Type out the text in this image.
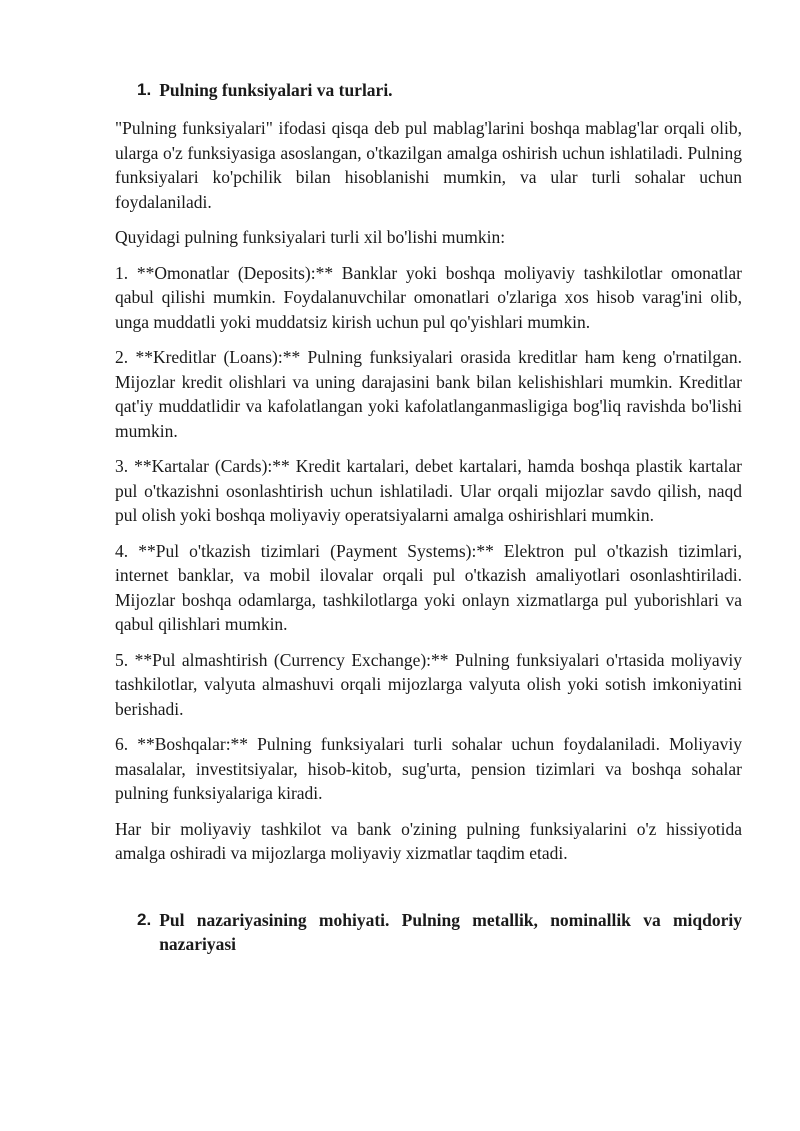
1. Pulning funksiyalari va turlari.

"Pulning funksiyalari" ifodasi qisqa deb pul mablag'larini boshqa mablag'lar orqali olib, ularga o'z funksiyasiga asoslangan, o'tkazilgan amalga oshirish uchun ishlatiladi. Pulning funksiyalari ko'pchilik bilan hisoblanishi mumkin, va ular turli sohalar uchun foydalaniladi.

Quyidagi pulning funksiyalari turli xil bo'lishi mumkin:

1. **Omonatlar (Deposits):** Banklar yoki boshqa moliyaviy tashkilotlar omonatlar qabul qilishi mumkin. Foydalanuvchilar omonatlari o'zlariga xos hisob varag'ini olib, unga muddatli yoki muddatsiz kirish uchun pul qo'yishlari mumkin.

2. **Kreditlar (Loans):** Pulning funksiyalari orasida kreditlar ham keng o'rnatilgan. Mijozlar kredit olishlari va uning darajasini bank bilan kelishishlari mumkin. Kreditlar qat'iy muddatlidir va kafolatlangan yoki kafolatlanganmasligiga bog'liq ravishda bo'lishi mumkin.

3. **Kartalar (Cards):** Kredit kartalari, debet kartalari, hamda boshqa plastik kartalar pul o'tkazishni osonlashtirish uchun ishlatiladi. Ular orqali mijozlar savdo qilish, naqd pul olish yoki boshqa moliyaviy operatsiyalarni amalga oshirishlari mumkin.

4. **Pul o'tkazish tizimlari (Payment Systems):** Elektron pul o'tkazish tizimlari, internet banklar, va mobil ilovalar orqali pul o'tkazish amaliyotlari osonlashtiriladi. Mijozlar boshqa odamlarga, tashkilotlarga yoki onlayn xizmatlarga pul yuborishlari va qabul qilishlari mumkin.

5. **Pul almashtirish (Currency Exchange):** Pulning funksiyalari o'rtasida moliyaviy tashkilotlar, valyuta almashuvi orqali mijozlarga valyuta olish yoki sotish imkoniyatini berishadi.

6. **Boshqalar:** Pulning funksiyalari turli sohalar uchun foydalaniladi. Moliyaviy masalalar, investitsiyalar, hisob-kitob, sug'urta, pension tizimlari va boshqa sohalar pulning funksiyalariga kiradi.

Har bir moliyaviy tashkilot va bank o'zining pulning funksiyalarini o'z hissiyotida amalga oshiradi va mijozlarga moliyaviy xizmatlar taqdim etadi.

2. Pul nazariyasining mohiyati. Pulning metallik, nominallik va miqdoriy nazariyasi
